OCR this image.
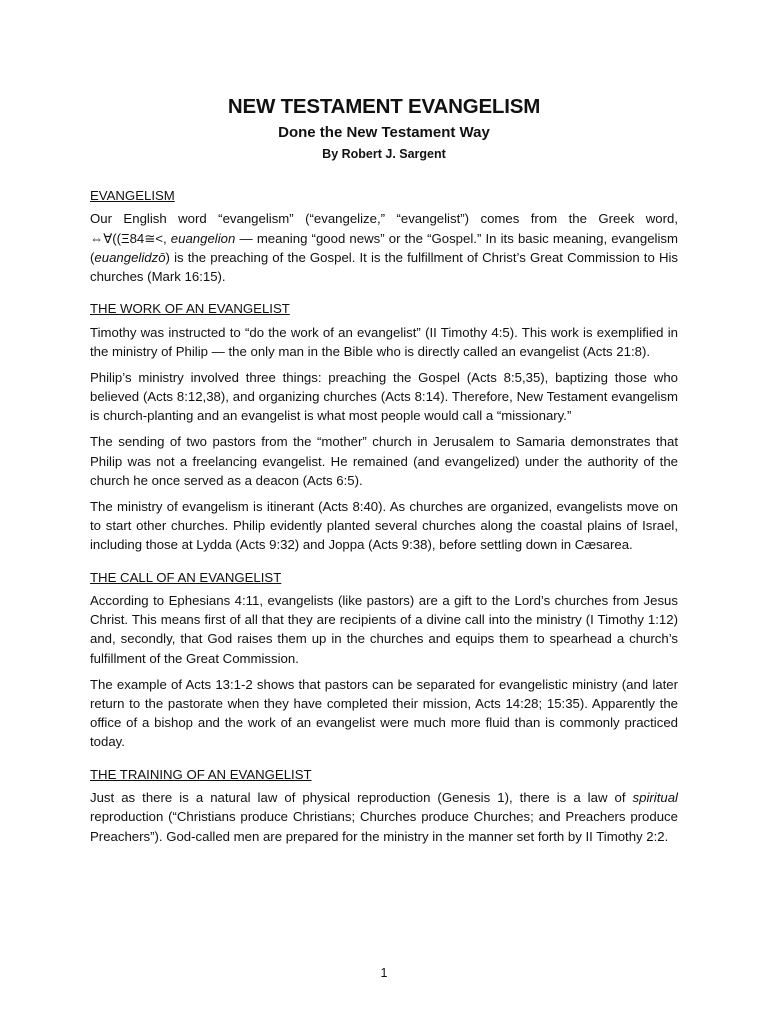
NEW TESTAMENT EVANGELISM
Done the New Testament Way
By Robert J. Sargent
EVANGELISM

Our English word “evangelism” (“evangelize,” “evangelist”) comes from the Greek word, ⇔∀((Ξ84≅<, euangelion — meaning “good news” or the “Gospel.” In its basic meaning, evangelism (euangelidzō) is the preaching of the Gospel. It is the fulfillment of Christ’s Great Commission to His churches (Mark 16:15).

THE WORK OF AN EVANGELIST

Timothy was instructed to “do the work of an evangelist” (II Timothy 4:5). This work is exemplified in the ministry of Philip — the only man in the Bible who is directly called an evangelist (Acts 21:8).

Philip’s ministry involved three things: preaching the Gospel (Acts 8:5,35), baptizing those who believed (Acts 8:12,38), and organizing churches (Acts 8:14). Therefore, New Testament evangelism is church-planting and an evangelist is what most people would call a “missionary.”

The sending of two pastors from the “mother” church in Jerusalem to Samaria demonstrates that Philip was not a freelancing evangelist. He remained (and evangelized) under the authority of the church he once served as a deacon (Acts 6:5).

The ministry of evangelism is itinerant (Acts 8:40). As churches are organized, evangelists move on to start other churches. Philip evidently planted several churches along the coastal plains of Israel, including those at Lydda (Acts 9:32) and Joppa (Acts 9:38), before settling down in Cæsarea.

THE CALL OF AN EVANGELIST

According to Ephesians 4:11, evangelists (like pastors) are a gift to the Lord’s churches from Jesus Christ. This means first of all that they are recipients of a divine call into the ministry (I Timothy 1:12) and, secondly, that God raises them up in the churches and equips them to spearhead a church’s fulfillment of the Great Commission.

The example of Acts 13:1-2 shows that pastors can be separated for evangelistic ministry (and later return to the pastorate when they have completed their mission, Acts 14:28; 15:35). Apparently the office of a bishop and the work of an evangelist were much more fluid than is commonly practiced today.

THE TRAINING OF AN EVANGELIST

Just as there is a natural law of physical reproduction (Genesis 1), there is a law of spiritual reproduction (“Christians produce Christians; Churches produce Churches; and Preachers produce Preachers”). God-called men are prepared for the ministry in the manner set forth by II Timothy 2:2.

1
